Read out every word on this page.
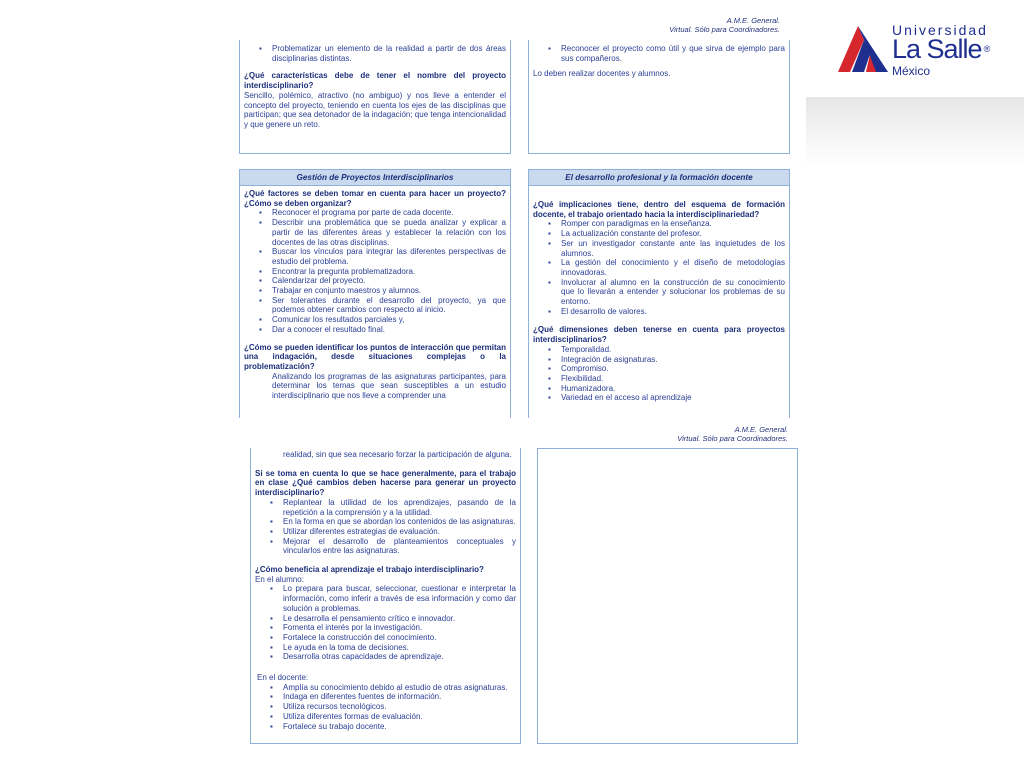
A.M.E. General.
Virtual. Sólo para Coordinadores.	Universidad
La Salle ®
México
▪ Problematizar un elemento de la realidad a partir de dos áreas disciplinarias distintas.
¿Qué características debe de tener el nombre del proyecto interdisciplinario?
Sencillo, polémico, atractivo (no ambiguo) y nos lleve a entender el concepto del proyecto, teniendo en cuenta los ejes de las disciplinas que participan; que sea detonador de la indagación; que tenga intencionalidad y que genere un reto.
▪ Reconocer el proyecto como útil y que sirva de ejemplo para sus compañeros.
Lo deben realizar docentes y alumnos.
Gestión de Proyectos Interdisciplinarios
¿Qué factores se deben tomar en cuenta para hacer un proyecto? ¿Cómo se deben organizar?
▪ Reconocer el programa por parte de cada docente.
▪ Describir una problemática que se pueda analizar y explicar a partir de las diferentes áreas y establecer la relación con los docentes de las otras disciplinas.
▪ Buscar los vínculos para integrar las diferentes perspectivas de estudio del problema.
▪ Encontrar la pregunta problematizadora.
▪ Calendarizar del proyecto.
▪ Trabajar en conjunto maestros y alumnos.
▪ Ser tolerantes durante el desarrollo del proyecto, ya que podemos obtener cambios con respecto al inicio.
▪ Comunicar los resultados parciales y,
▪ Dar a conocer el resultado final.
¿Cómo se pueden identificar los puntos de interacción que permitan una indagación, desde situaciones complejas o la problematización?
Analizando los programas de las asignaturas participantes, para determinar los temas que sean susceptibles a un estudio interdisciplinario que nos lleve a comprender una
El desarrollo profesional y la formación docente
¿Qué implicaciones tiene, dentro del esquema de formación docente, el trabajo orientado hacia la interdisciplinariedad?
▪ Romper con paradigmas en la enseñanza.
▪ La actualización constante del profesor.
▪ Ser un investigador constante ante las inquietudes de los alumnos.
▪ La gestión del conocimiento y el diseño de metodologías innovadoras.
▪ Involucrar al alumno en la construcción de su conocimiento que lo llevarán a entender y solucionar los problemas de su entorno.
▪ El desarrollo de valores.
¿Qué dimensiones deben tenerse en cuenta para proyectos interdisciplinarios?
▪ Temporalidad.
▪ Integración de asignaturas.
▪ Compromiso.
▪ Flexibilidad.
▪ Humanizadora.
▪ Variedad en el acceso al aprendizaje
A.M.E. General.
Virtual. Sólo para Coordinadores.
realidad, sin que sea necesario forzar la participación de alguna.
Si se toma en cuenta lo que se hace generalmente, para el trabajo en clase ¿Qué cambios deben hacerse para generar un proyecto interdisciplinario?
▪ Replantear la utilidad de los aprendizajes, pasando de la repetición a la comprensión y a la utilidad.
▪ En la forma en que se abordan los contenidos de las asignaturas.
▪ Utilizar diferentes estrategias de evaluación.
▪ Mejorar el desarrollo de planteamientos conceptuales y vincularlos entre las asignaturas.
¿Cómo beneficia al aprendizaje el trabajo interdisciplinario?
En el alumno:
▪ Lo prepara para buscar, seleccionar, cuestionar e interpretar la información, como inferir a través de esa información y como dar solución a problemas.
▪ Le desarrolla el pensamiento crítico e innovador.
▪ Fomenta el interés por la investigación.
▪ Fortalece la construcción del conocimiento.
▪ Le ayuda en la toma de decisiones.
▪ Desarrolla otras capacidades de aprendizaje.
En el docente:
▪ Amplía su conocimiento debido al estudio de otras asignaturas.
▪ Indaga en diferentes fuentes de información.
▪ Utiliza recursos tecnológicos.
▪ Utiliza diferentes formas de evaluación.
▪ Fortalece su trabajo docente.
